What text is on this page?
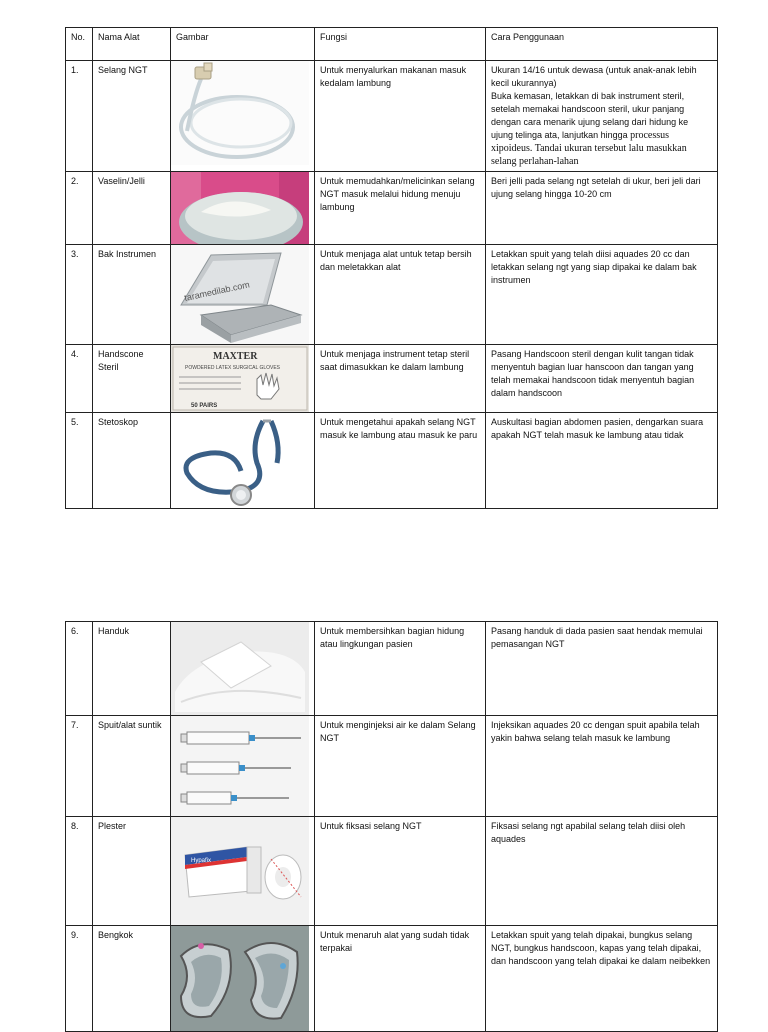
No.	Nama Alat	Gambar	Fungsi	Cara Penggunaan
1.	Selang NGT		Untuk menyalurkan makanan masuk kedalam lambung	Ukuran 14/16 untuk dewasa (untuk anak-anak lebih kecil ukurannya)
Buka kemasan, letakkan di bak instrument steril, setelah memakai handscoon steril, ukur panjang dengan cara menarik ujung selang dari hidung ke ujung telinga ata, lanjutkan hingga processus xipoideus. Tandai ukuran tersebut lalu masukkan selang perlahan-lahan

2.	Vaselin/Jelli		Untuk memudahkan/melicinkan selang NGT masuk melalui hidung menuju lambung	Beri jelli pada selang ngt setelah di ukur, beri jeli dari ujung selang hingga 10-20 cm
3.	Bak Instrumen	taramedilab.com	Untuk menjaga alat untuk tetap bersih dan meletakkan alat	Letakkan spuit yang telah diisi aquades 20 cc dan letakkan selang ngt yang siap dipakai ke dalam bak instrumen
4.	Handscone Steril	MAXTER
POWDERED LATEX SURGICAL GLOVES
50 PAIRS	Untuk menjaga instrument tetap steril saat dimasukkan ke dalam lambung	Pasang Handscoon steril dengan kulit tangan tidak menyentuh bagian luar hanscoon dan tangan yang telah memakai handscoon tidak menyentuh bagian dalam handscoon
5.	Stetoskop		Untuk mengetahui apakah selang NGT masuk ke lambung atau masuk ke paru	Auskultasi bagian abdomen pasien, dengarkan suara apakah NGT telah masuk ke lambung atau tidak
6.	Handuk		Untuk membersihkan bagian hidung atau lingkungan pasien	Pasang handuk di dada pasien saat hendak memulai pemasangan NGT
7.	Spuit/alat suntik		Untuk menginjeksi air ke dalam Selang NGT	Injeksikan aquades 20 cc dengan spuit apabila telah yakin bahwa selang telah masuk ke lambung
8.	Plester	Hypafix	Untuk fiksasi selang NGT	Fiksasi selang ngt apabilal selang telah diisi oleh aquades
9.	Bengkok		Untuk menaruh alat yang sudah tidak terpakai	Letakkan spuit yang telah dipakai, bungkus selang NGT, bungkus handscoon, kapas yang telah dipakai, dan handscoon yang telah dipakai ke dalam neibekken
